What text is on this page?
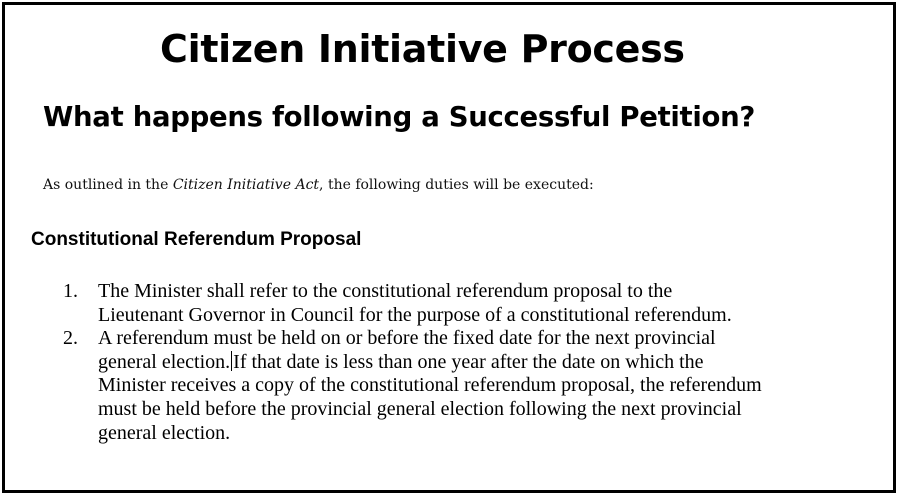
Citizen Initiative Process
What happens following a Successful Petition?

As outlined in the Citizen Initiative Act, the following duties will be executed:

Constitutional Referendum Proposal
1. The Minister shall refer to the constitutional referendum proposal to the
Lieutenant Governor in Council for the purpose of a constitutional referendum.
2. A referendum must be held on or before the fixed date for the next provincial
general election. If that date is less than one year after the date on which the
Minister receives a copy of the constitutional referendum proposal, the referendum
must be held before the provincial general election following the next provincial
general election.
